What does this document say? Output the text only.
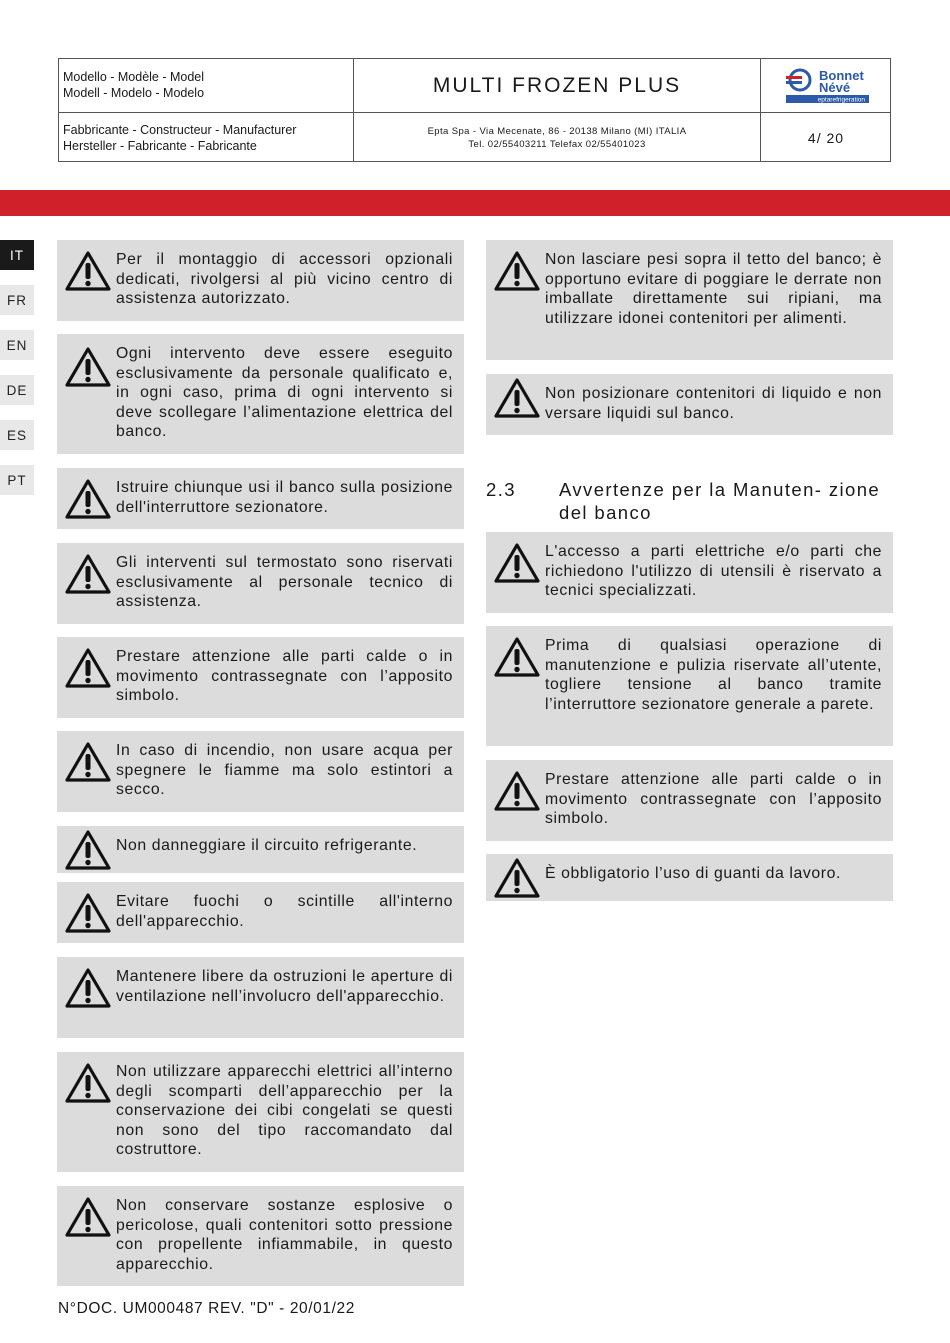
Modello - Modèle - Model
Modell - Modelo - Modelo
Fabbricante - Constructeur - Manufacturer
Hersteller - Fabricante - Fabricante
MULTI FROZEN PLUS
Epta Spa - Via Mecenate, 86 - 20138 Milano (MI) ITALIA
Tel. 02/55403211 Telefax 02/55401023	4/ 20
Bonnet
Névé
eptarefrigeration
IT
FR
EN
DE
ES
PT
Per il montaggio di accessori opzionali dedicati, rivolgersi al più vicino centro di assistenza autorizzato.
Ogni intervento deve essere eseguito esclusivamente da personale qualificato e, in ogni caso, prima di ogni intervento si deve scollegare l’alimentazione elettrica del banco.
Istruire chiunque usi il banco sulla posizione dell'interruttore sezionatore.
Gli interventi sul termostato sono riservati esclusivamente al personale tecnico di assistenza.
Prestare attenzione alle parti calde o in movimento contrassegnate con l’apposito simbolo.
In caso di incendio, non usare acqua per spegnere le fiamme ma solo estintori a secco.
Non danneggiare il circuito refrigerante.
Evitare fuochi o scintille all'interno dell'apparecchio.
Mantenere libere da ostruzioni le aperture di ventilazione nell’involucro dell'apparecchio.
Non utilizzare apparecchi elettrici all’interno degli scomparti dell’apparecchio per la conservazione dei cibi congelati se questi non sono del tipo raccomandato dal costruttore.
Non conservare sostanze esplosive o pericolose, quali contenitori sotto pressione con propellente infiammabile, in questo apparecchio.
Non lasciare pesi sopra il tetto del banco; è opportuno evitare di poggiare le derrate non imballate direttamente sui ripiani, ma utilizzare idonei contenitori per alimenti.
Non posizionare contenitori di liquido e non versare liquidi sul banco.
2.3 Avvertenze per la Manuten- zione del banco
L'accesso a parti elettriche e/o parti che richiedono l'utilizzo di utensili è riservato a tecnici specializzati.
Prima di qualsiasi operazione di manutenzione e pulizia riservate all’utente, togliere tensione al banco tramite l’interruttore sezionatore generale a parete.
Prestare attenzione alle parti calde o in movimento contrassegnate con l’apposito simbolo.
È obbligatorio l’uso di guanti da lavoro.
N°DOC. UM000487 REV. "D" - 20/01/22
